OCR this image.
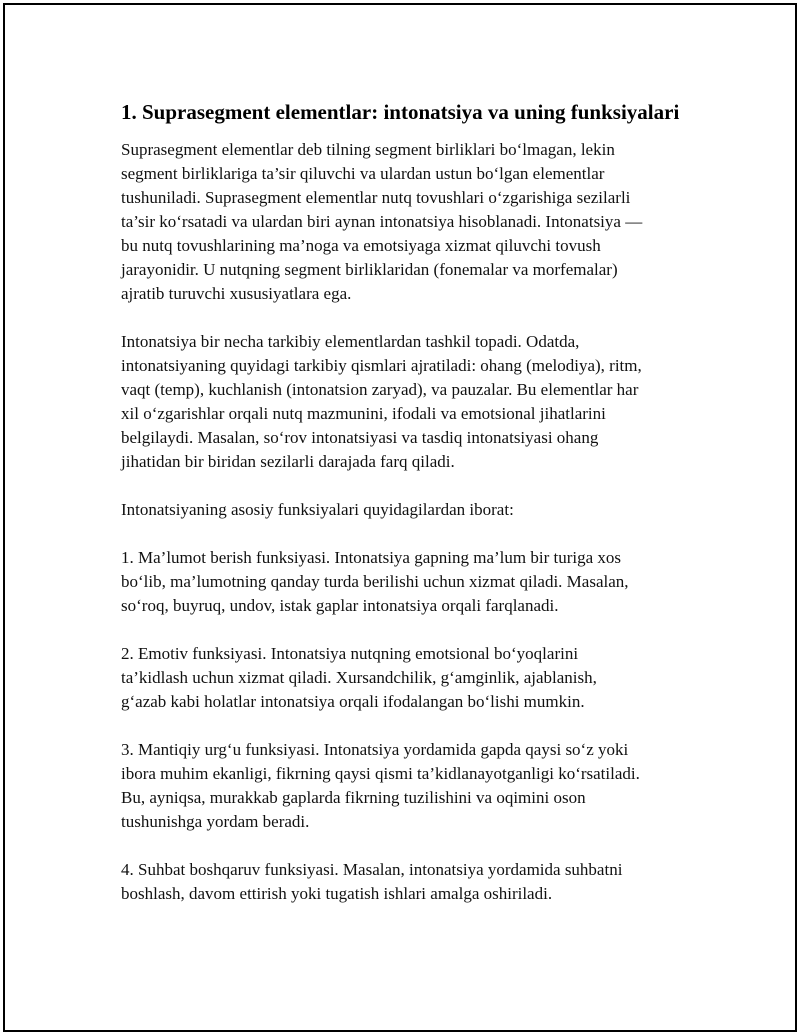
1. Suprasegment elementlar: intonatsiya va uning funksiyalari

Suprasegment elementlar deb tilning segment birliklari bo‘lmagan, lekin
segment birliklariga ta’sir qiluvchi va ulardan ustun bo‘lgan elementlar
tushuniladi. Suprasegment elementlar nutq tovushlari o‘zgarishiga sezilarli
ta’sir ko‘rsatadi va ulardan biri aynan intonatsiya hisoblanadi. Intonatsiya —
bu nutq tovushlarining ma’noga va emotsiyaga xizmat qiluvchi tovush
jarayonidir. U nutqning segment birliklaridan (fonemalar va morfemalar)
ajratib turuvchi xususiyatlara ega.

Intonatsiya bir necha tarkibiy elementlardan tashkil topadi. Odatda,
intonatsiyaning quyidagi tarkibiy qismlari ajratiladi: ohang (melodiya), ritm,
vaqt (temp), kuchlanish (intonatsion zaryad), va pauzalar. Bu elementlar har
xil o‘zgarishlar orqali nutq mazmunini, ifodali va emotsional jihatlarini
belgilaydi. Masalan, so‘rov intonatsiyasi va tasdiq intonatsiyasi ohang
jihatidan bir biridan sezilarli darajada farq qiladi.

Intonatsiyaning asosiy funksiyalari quyidagilardan iborat:

1. Ma’lumot berish funksiyasi. Intonatsiya gapning ma’lum bir turiga xos
bo‘lib, ma’lumotning qanday turda berilishi uchun xizmat qiladi. Masalan,
so‘roq, buyruq, undov, istak gaplar intonatsiya orqali farqlanadi.

2. Emotiv funksiyasi. Intonatsiya nutqning emotsional bo‘yoqlarini
ta’kidlash uchun xizmat qiladi. Xursandchilik, g‘amginlik, ajablanish,
g‘azab kabi holatlar intonatsiya orqali ifodalangan bo‘lishi mumkin.

3. Mantiqiy urg‘u funksiyasi. Intonatsiya yordamida gapda qaysi so‘z yoki
ibora muhim ekanligi, fikrning qaysi qismi ta’kidlanayotganligi ko‘rsatiladi.
Bu, ayniqsa, murakkab gaplarda fikrning tuzilishini va oqimini oson
tushunishga yordam beradi.

4. Suhbat boshqaruv funksiyasi. Masalan, intonatsiya yordamida suhbatni
boshlash, davom ettirish yoki tugatish ishlari amalga oshiriladi.
